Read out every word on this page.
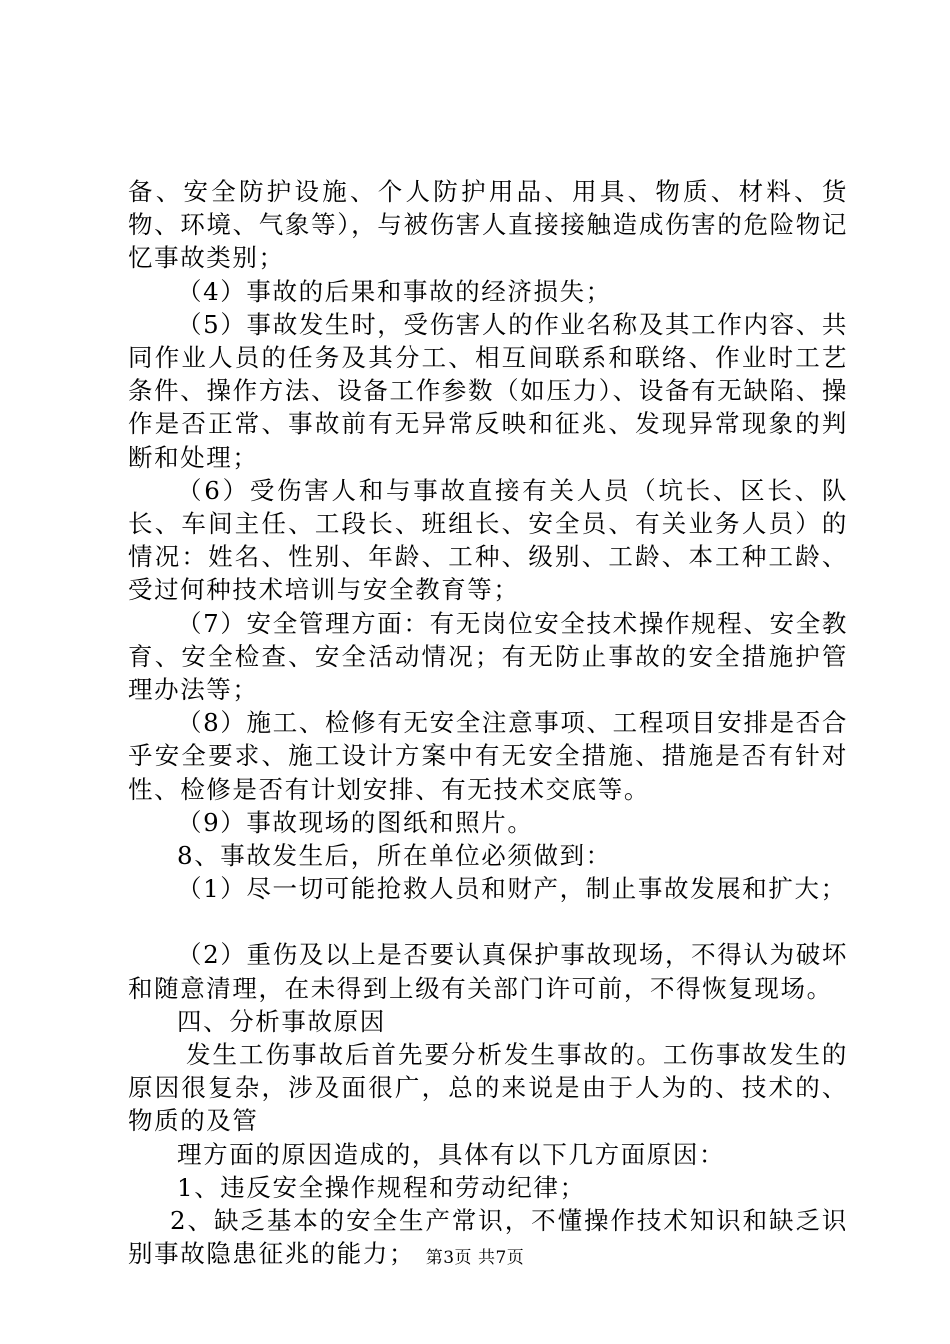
备、安全防护设施、个人防护用品、用具、物质、材料、货物、环境、气象等），与被伤害人直接接触造成伤害的危险物记忆事故类别；

（4）事故的后果和事故的经济损失；

（5）事故发生时，受伤害人的作业名称及其工作内容、共同作业人员的任务及其分工、相互间联系和联络、作业时工艺条件、操作方法、设备工作参数（如压力）、设备有无缺陷、操作是否正常、事故前有无异常反映和征兆、发现异常现象的判断和处理；

（6）受伤害人和与事故直接有关人员（坑长、区长、队长、车间主任、工段长、班组长、安全员、有关业务人员）的情况：姓名、性别、年龄、工种、级别、工龄、本工种工龄、受过何种技术培训与安全教育等；

（7）安全管理方面：有无岗位安全技术操作规程、安全教育、安全检查、安全活动情况；有无防止事故的安全措施护管理办法等；

（8）施工、检修有无安全注意事项、工程项目安排是否合乎安全要求、施工设计方案中有无安全措施、措施是否有针对性、检修是否有计划安排、有无技术交底等。

（9）事故现场的图纸和照片。

8、事故发生后，所在单位必须做到：

（1）尽一切可能抢救人员和财产，制止事故发展和扩大；

（2）重伤及以上是否要认真保护事故现场，不得认为破坏和随意清理，在未得到上级有关部门许可前，不得恢复现场。

四、分析事故原因

发生工伤事故后首先要分析发生事故的。工伤事故发生的原因很复杂，涉及面很广，总的来说是由于人为的、技术的、物质的及管

理方面的原因造成的，具体有以下几方面原因：

1、违反安全操作规程和劳动纪律；

2、缺乏基本的安全生产常识，不懂操作技术知识和缺乏识别事故隐患征兆的能力； 第3页 共7页
